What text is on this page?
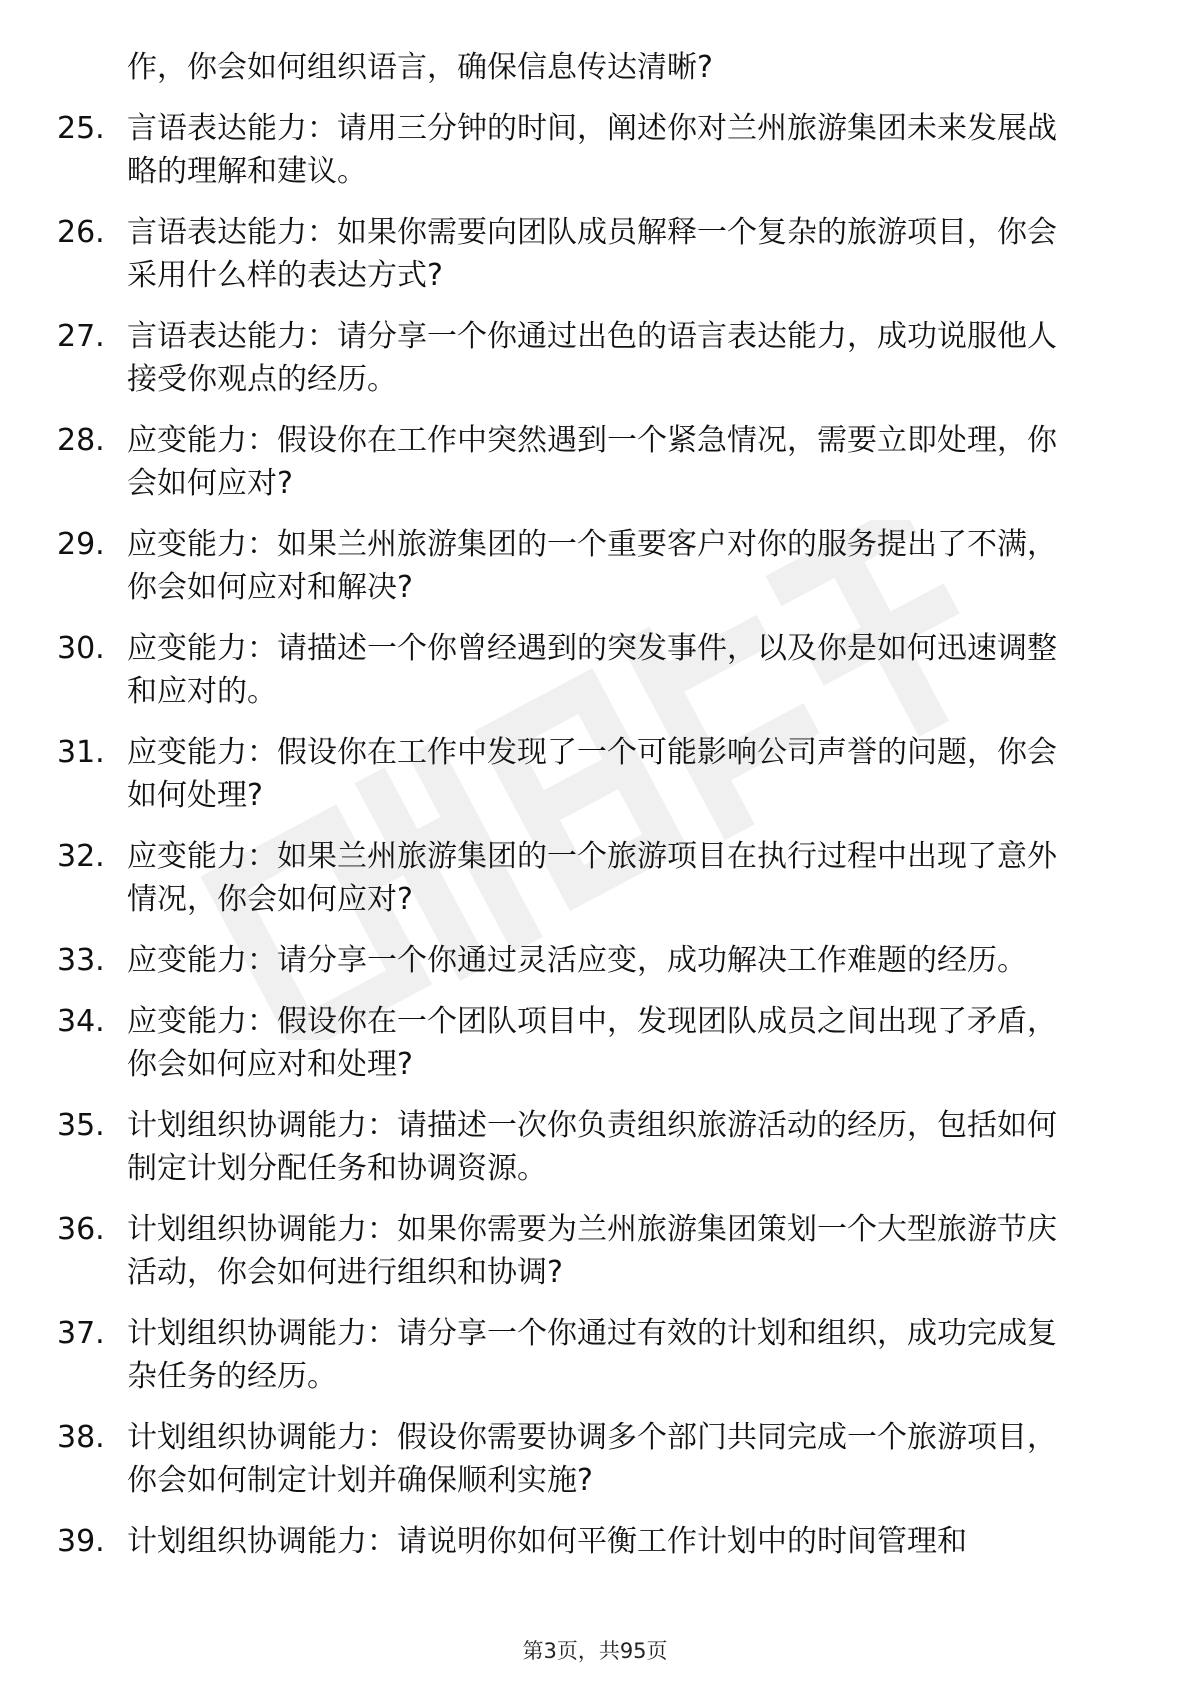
作，你会如何组织语言，确保信息传达清晰?
25. 言语表达能力：请用三分钟的时间，阐述你对兰州旅游集团未来发展战略的理解和建议。
26. 言语表达能力：如果你需要向团队成员解释一个复杂的旅游项目，你会采用什么样的表达方式?
27. 言语表达能力：请分享一个你通过出色的语言表达能力，成功说服他人接受你观点的经历。
28. 应变能力：假设你在工作中突然遇到一个紧急情况，需要立即处理，你会如何应对?
29. 应变能力：如果兰州旅游集团的一个重要客户对你的服务提出了不满，你会如何应对和解决?
30. 应变能力：请描述一个你曾经遇到的突发事件，以及你是如何迅速调整和应对的。
31. 应变能力：假设你在工作中发现了一个可能影响公司声誉的问题，你会如何处理?
32. 应变能力：如果兰州旅游集团的一个旅游项目在执行过程中出现了意外情况，你会如何应对?
33. 应变能力：请分享一个你通过灵活应变，成功解决工作难题的经历。
34. 应变能力：假设你在一个团队项目中，发现团队成员之间出现了矛盾，你会如何应对和处理?
35. 计划组织协调能力：请描述一次你负责组织旅游活动的经历，包括如何制定计划分配任务和协调资源。
36. 计划组织协调能力：如果你需要为兰州旅游集团策划一个大型旅游节庆活动，你会如何进行组织和协调?
37. 计划组织协调能力：请分享一个你通过有效的计划和组织，成功完成复杂任务的经历。
38. 计划组织协调能力：假设你需要协调多个部门共同完成一个旅游项目，你会如何制定计划并确保顺利实施?
39. 计划组织协调能力：请说明你如何平衡工作计划中的时间管理和
第3页，共95页
